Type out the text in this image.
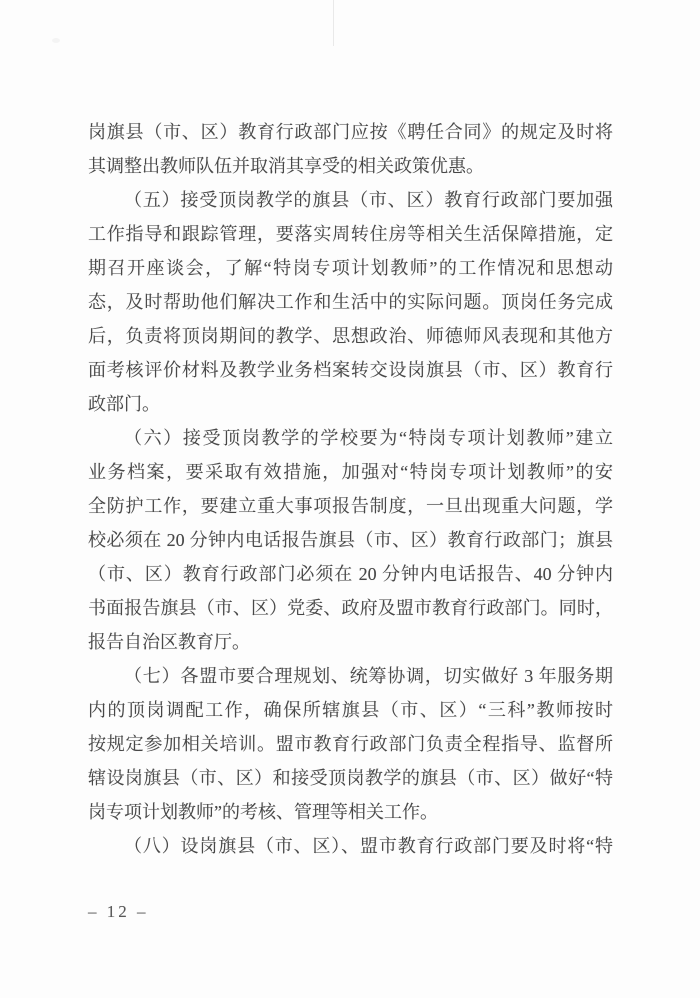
岗旗县（市、区）教育行政部门应按《聘任合同》的规定及时将
其调整出教师队伍并取消其享受的相关政策优惠。
（五）接受顶岗教学的旗县（市、区）教育行政部门要加强
工作指导和跟踪管理，要落实周转住房等相关生活保障措施，定
期召开座谈会，了解“特岗专项计划教师”的工作情况和思想动
态，及时帮助他们解决工作和生活中的实际问题。顶岗任务完成
后，负责将顶岗期间的教学、思想政治、师德师风表现和其他方
面考核评价材料及教学业务档案转交设岗旗县（市、区）教育行
政部门。
（六）接受顶岗教学的学校要为“特岗专项计划教师”建立
业务档案，要采取有效措施，加强对“特岗专项计划教师”的安
全防护工作，要建立重大事项报告制度，一旦出现重大问题，学
校必须在 20 分钟内电话报告旗县（市、区）教育行政部门；旗县
（市、区）教育行政部门必须在 20 分钟内电话报告、40 分钟内
书面报告旗县（市、区）党委、政府及盟市教育行政部门。同时，
报告自治区教育厅。
（七）各盟市要合理规划、统筹协调，切实做好 3 年服务期
内的顶岗调配工作，确保所辖旗县（市、区）“三科”教师按时
按规定参加相关培训。盟市教育行政部门负责全程指导、监督所
辖设岗旗县（市、区）和接受顶岗教学的旗县（市、区）做好“特
岗专项计划教师”的考核、管理等相关工作。
（八）设岗旗县（市、区）、盟市教育行政部门要及时将“特
– 12 –
